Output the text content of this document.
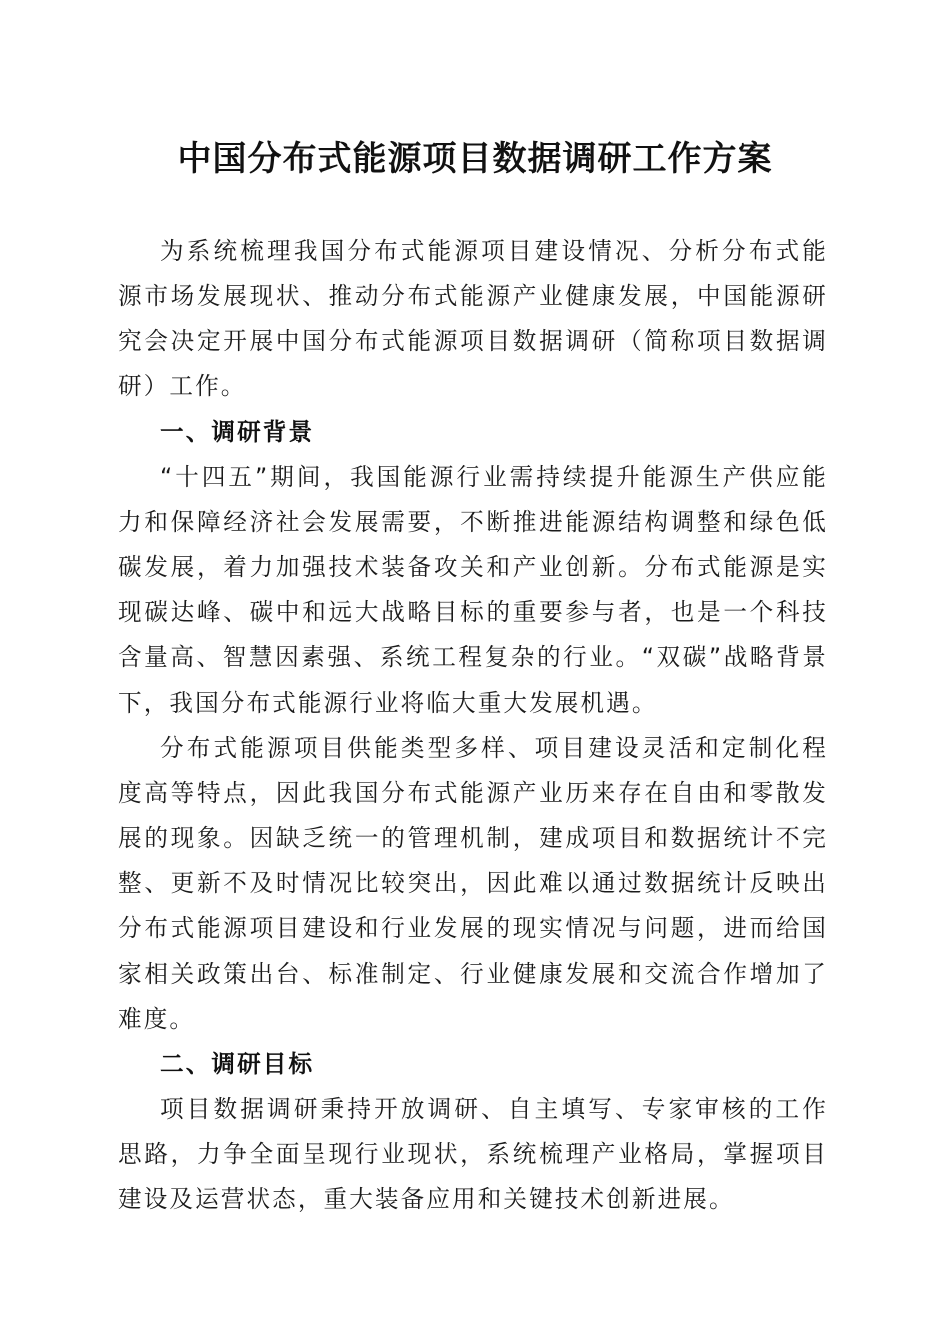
中国分布式能源项目数据调研工作方案

为系统梳理我国分布式能源项目建设情况、分析分布式能源市场发展现状、推动分布式能源产业健康发展，中国能源研究会决定开展中国分布式能源项目数据调研（简称项目数据调研）工作。

一、调研背景

“十四五”期间，我国能源行业需持续提升能源生产供应能力和保障经济社会发展需要，不断推进能源结构调整和绿色低碳发展，着力加强技术装备攻关和产业创新。分布式能源是实现碳达峰、碳中和远大战略目标的重要参与者，也是一个科技含量高、智慧因素强、系统工程复杂的行业。“双碳”战略背景下，我国分布式能源行业将临大重大发展机遇。

分布式能源项目供能类型多样、项目建设灵活和定制化程度高等特点，因此我国分布式能源产业历来存在自由和零散发展的现象。因缺乏统一的管理机制，建成项目和数据统计不完整、更新不及时情况比较突出，因此难以通过数据统计反映出分布式能源项目建设和行业发展的现实情况与问题，进而给国家相关政策出台、标准制定、行业健康发展和交流合作增加了难度。

二、调研目标

项目数据调研秉持开放调研、自主填写、专家审核的工作思路，力争全面呈现行业现状，系统梳理产业格局，掌握项目建设及运营状态，重大装备应用和关键技术创新进展。
